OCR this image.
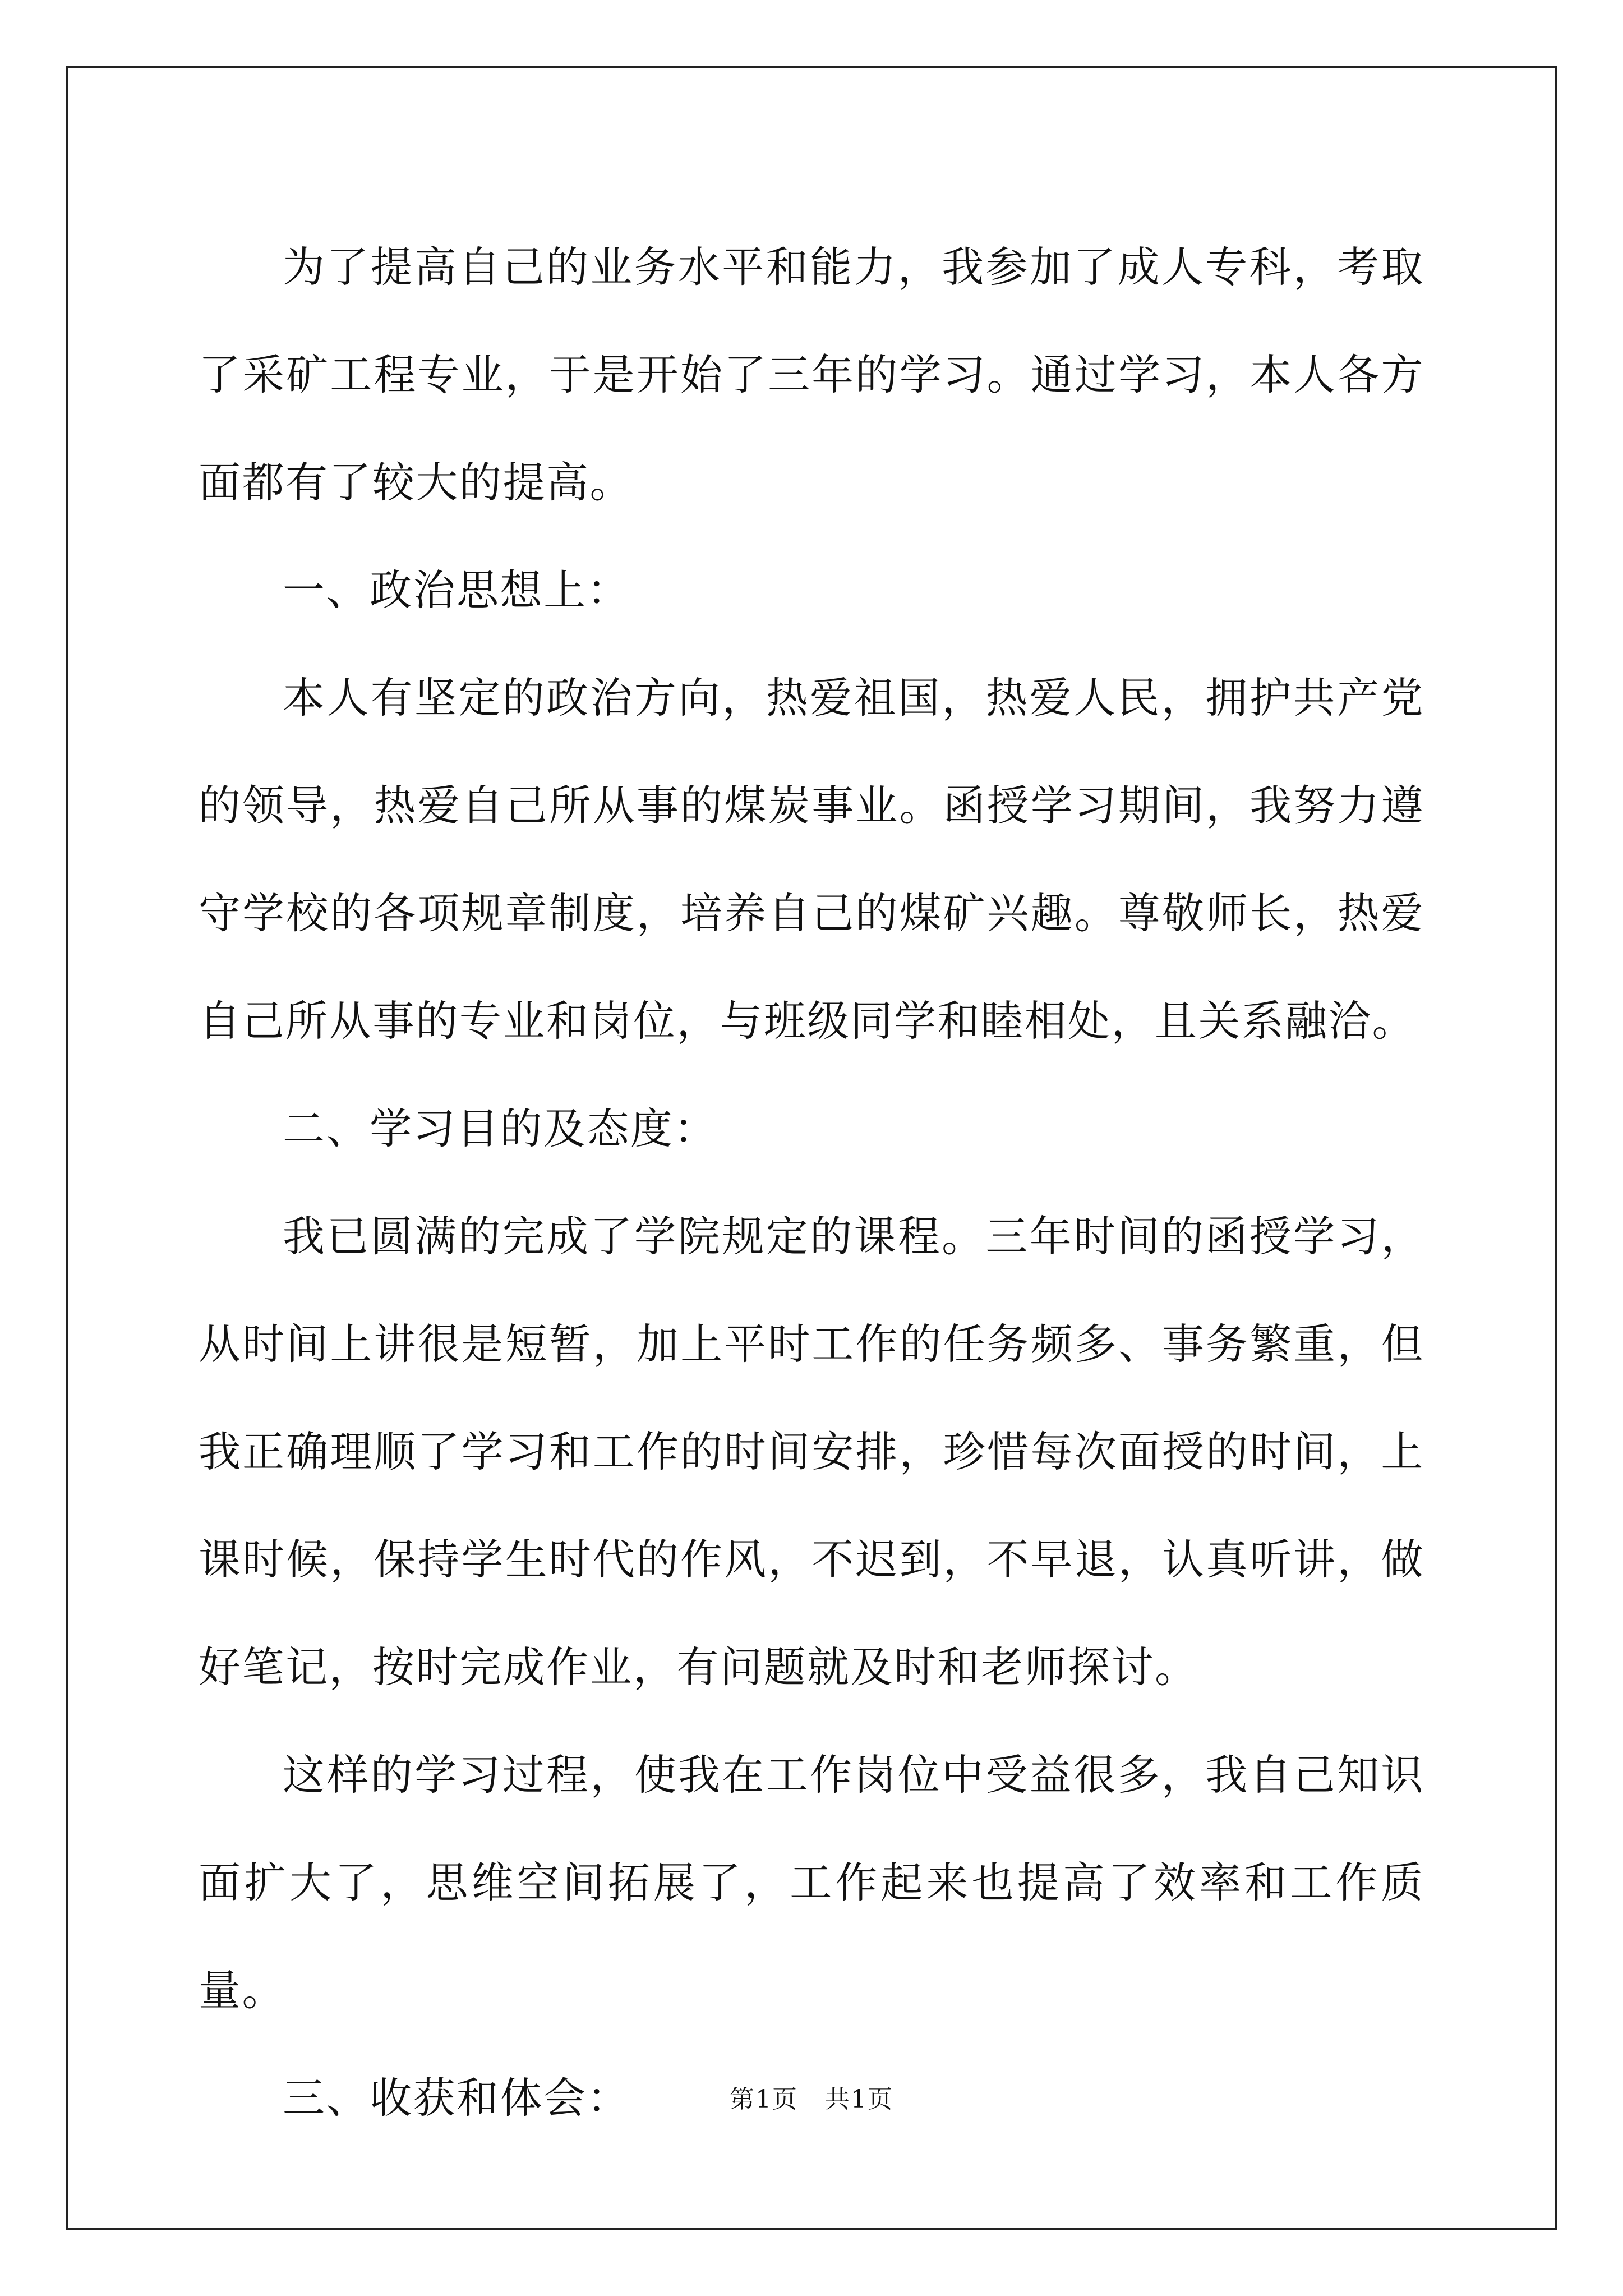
为了提高自己的业务水平和能力，我参加了成人专科，考取了采矿工程专业，于是开始了三年的学习。通过学习，本人各方面都有了较大的提高。

一、政治思想上：

本人有坚定的政治方向，热爱祖国，热爱人民，拥护共产党的领导，热爱自己所从事的煤炭事业。函授学习期间，我努力遵守学校的各项规章制度，培养自己的煤矿兴趣。尊敬师长，热爱自己所从事的专业和岗位，与班级同学和睦相处，且关系融洽。

二、学习目的及态度：

我已圆满的完成了学院规定的课程。三年时间的函授学习，从时间上讲很是短暂，加上平时工作的任务频多、事务繁重，但我正确理顺了学习和工作的时间安排，珍惜每次面授的时间，上课时候，保持学生时代的作风，不迟到，不早退，认真听讲，做好笔记，按时完成作业，有问题就及时和老师探讨。

这样的学习过程，使我在工作岗位中受益很多，我自己知识面扩大了，思维空间拓展了，工作起来也提高了效率和工作质量。

三、收获和体会：	第1页 共1页
